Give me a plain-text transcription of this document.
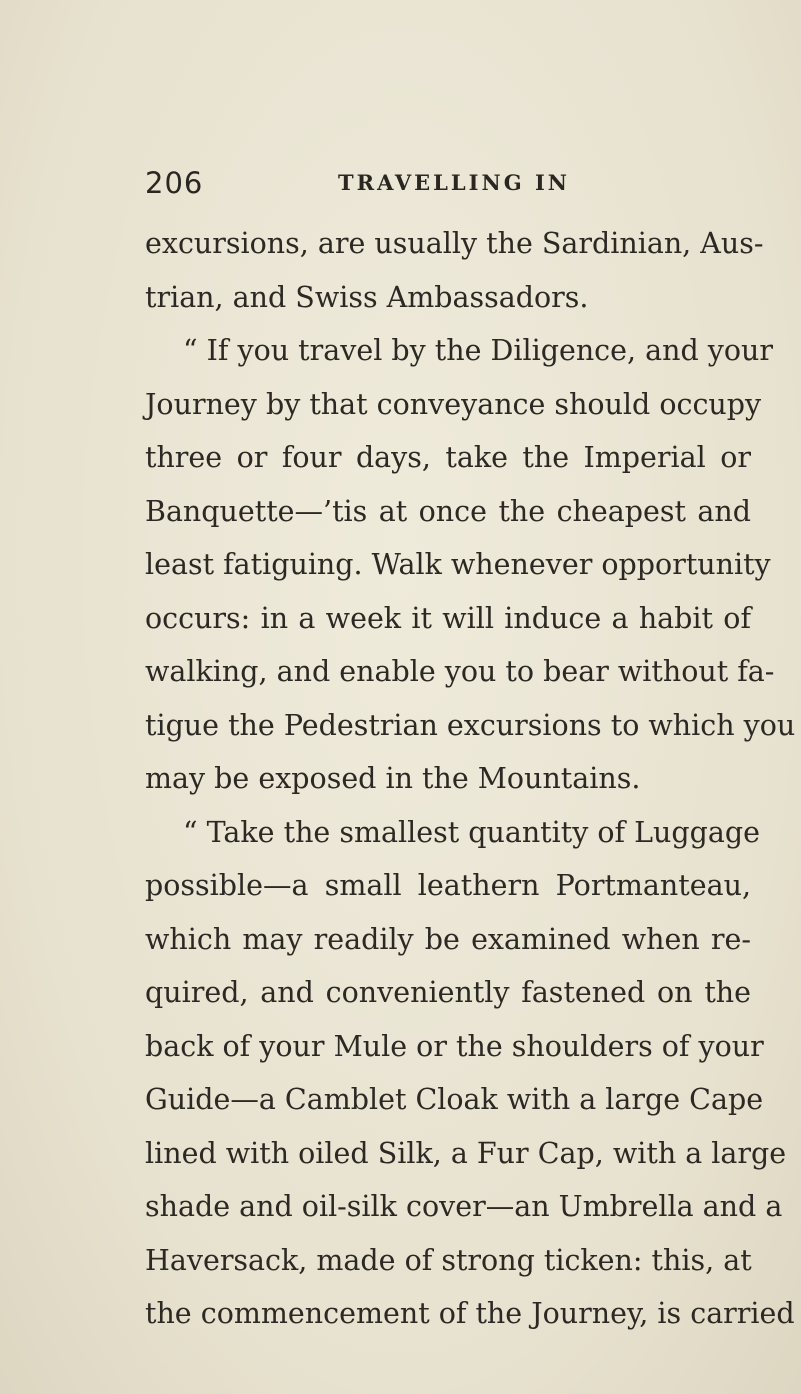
206	TRAVELLING IN
excursions, are usually the Sardinian, Aus-
trian, and Swiss Ambassadors.
“ If you travel by the Diligence, and your
Journey by that conveyance should occupy
three or four days, take the Imperial or
Banquette—’tis at once the cheapest and
least fatiguing. Walk whenever opportunity
occurs: in a week it will induce a habit of
walking, and enable you to bear without fa-
tigue the Pedestrian excursions to which you
may be exposed in the Mountains.
“ Take the smallest quantity of Luggage
possible—a small leathern Portmanteau,
which may readily be examined when re-
quired, and conveniently fastened on the
back of your Mule or the shoulders of your
Guide—a Camblet Cloak with a large Cape
lined with oiled Silk, a Fur Cap, with a large
shade and oil-silk cover—an Umbrella and a
Haversack, made of strong ticken: this, at
the commencement of the Journey, is carried
